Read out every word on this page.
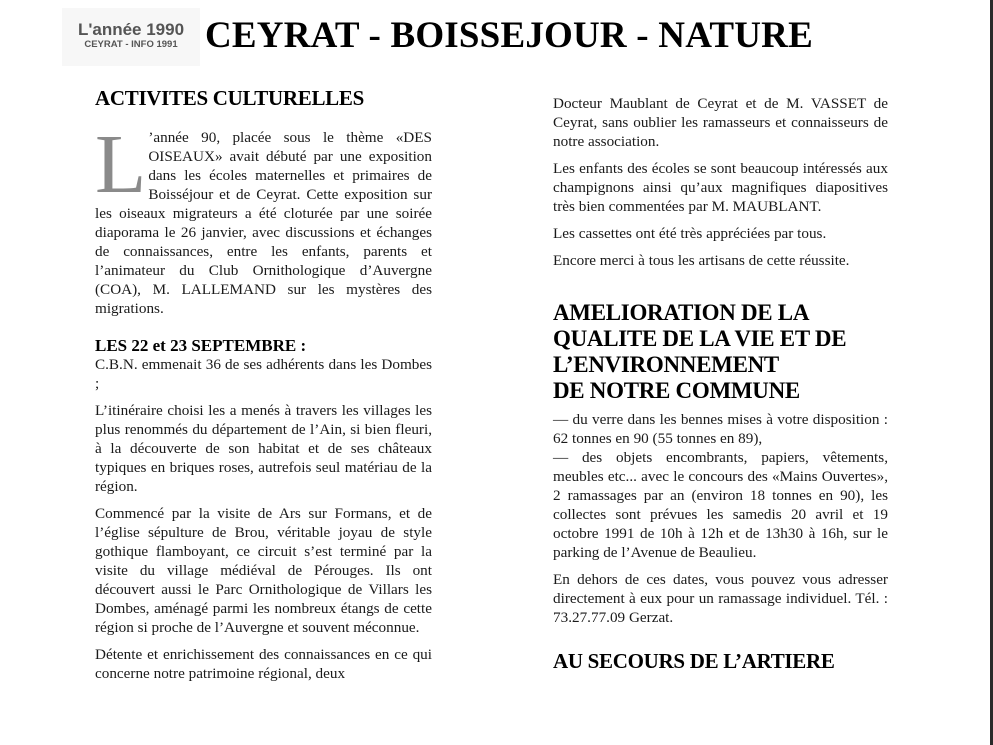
L'année 1990
CEYRAT - INFO 1991 CEYRAT - BOISSEJOUR - NATURE
ACTIVITES CULTURELLES

L ’année 90, placée sous le thème «DES OISEAUX» avait débuté par une exposition dans les écoles maternelles et primaires de Boisséjour et de Ceyrat. Cette exposition sur les oiseaux migrateurs a été cloturée par une soirée diaporama le 26 janvier, avec discussions et échanges de connaissances, entre les enfants, parents et l’animateur du Club Ornithologique d’Auvergne (COA), M. LALLEMAND sur les mystères des migrations.

LES 22 et 23 SEPTEMBRE :

C.B.N. emmenait 36 de ses adhérents dans les Dombes ;

L’itinéraire choisi les a menés à travers les villages les plus renommés du département de l’Ain, si bien fleuri, à la découverte de son habitat et de ses châteaux typiques en briques roses, autrefois seul matériau de la région.

Commencé par la visite de Ars sur Formans, et de l’église sépulture de Brou, véritable joyau de style gothique flamboyant, ce circuit s’est terminé par la visite du village médiéval de Pérouges. Ils ont découvert aussi le Parc Ornithologique de Villars les Dombes, aménagé parmi les nombreux étangs de cette région si proche de l’Auvergne et souvent méconnue.

Détente et enrichissement des connaissances en ce qui concerne notre patrimoine régional, deux

Docteur Maublant de Ceyrat et de M. VASSET de Ceyrat, sans oublier les ramasseurs et connaisseurs de notre association.

Les enfants des écoles se sont beaucoup intéressés aux champignons ainsi qu’aux magnifiques diapositives très bien commentées par M. MAUBLANT.

Les cassettes ont été très appréciées par tous.

Encore merci à tous les artisans de cette réussite.

AMELIORATION DE LA
QUALITE DE LA VIE ET DE
L’ENVIRONNEMENT
DE NOTRE COMMUNE

— du verre dans les bennes mises à votre disposition : 62 tonnes en 90 (55 tonnes en 89),

— des objets encombrants, papiers, vêtements, meubles etc... avec le concours des «Mains Ouvertes», 2 ramassages par an (environ 18 tonnes en 90), les collectes sont prévues les samedis 20 avril et 19 octobre 1991 de 10h à 12h et de 13h30 à 16h, sur le parking de l’Avenue de Beaulieu.

En dehors de ces dates, vous pouvez vous adresser directement à eux pour un ramassage individuel. Tél. : 73.27.77.09 Gerzat.

AU SECOURS DE L’ARTIERE
